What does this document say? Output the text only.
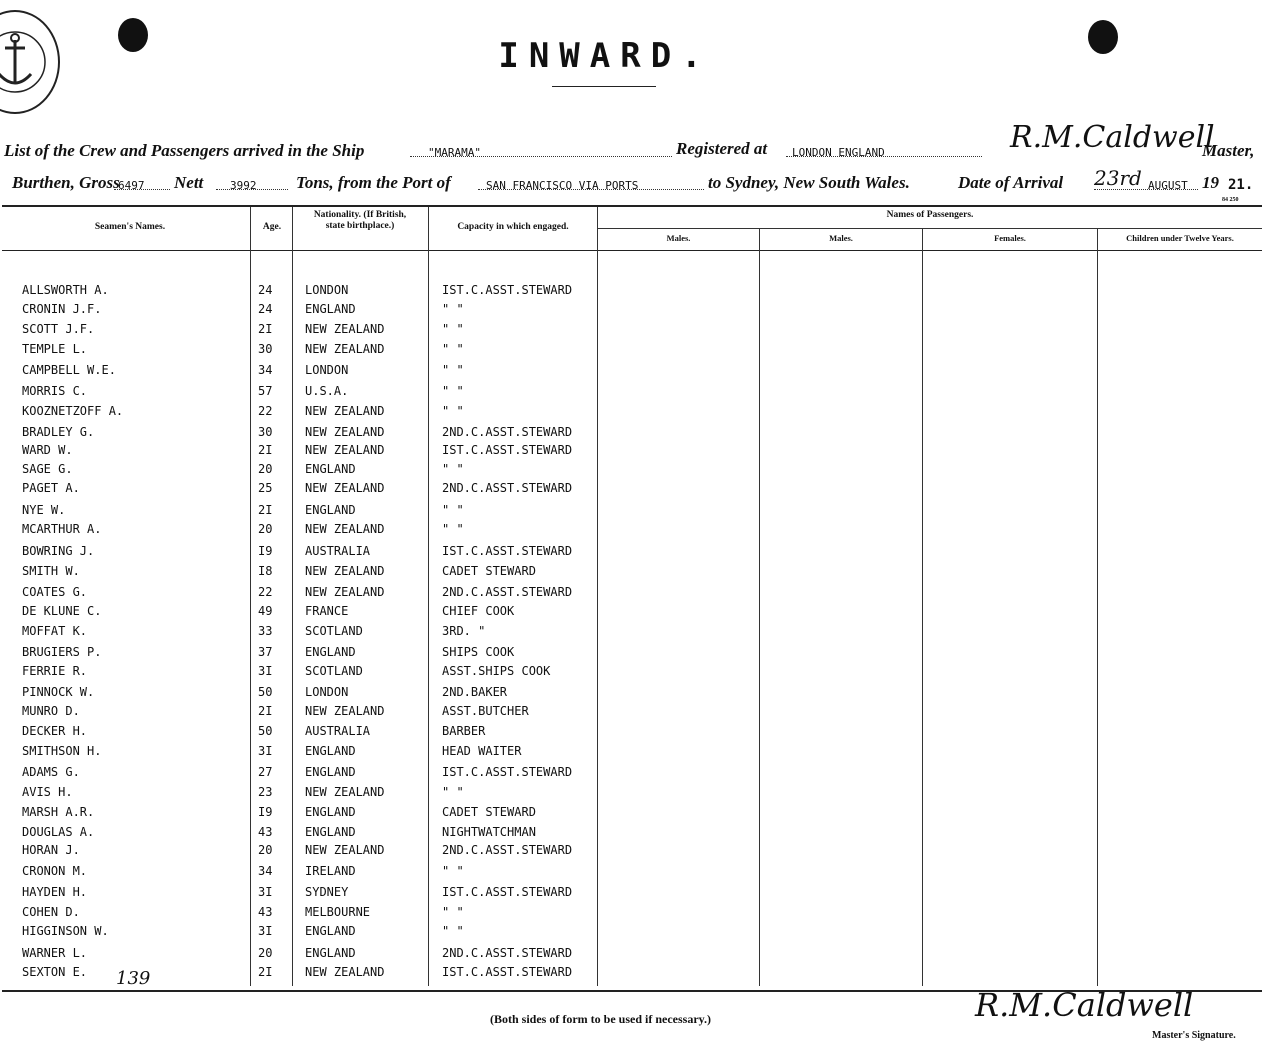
INWARD.
List of the Crew and Passengers arrived in the Ship	"MARAMA"	Registered at LONDON ENGLAND	R.M.Caldwell
Master,
Burthen, Gross
6497 Nett 3992 Tons, from the Port of	SAN FRANCISCO VIA PORTS	to Sydney, New South Wales.	Date of Arrival 23rd AUGUST 19 21.
84 250
Seamen's Names.	Age.
Nationality. (If British, state birthplace.)	Capacity in which engaged.
Names of Passengers.
Males.	Males.	Females.	Children under Twelve Years.
ALLSWORTH A.	24	LONDON	IST.C.ASST.STEWARD
CRONIN J.F.	24	ENGLAND	" "
SCOTT J.F.	2I	NEW ZEALAND	" "
TEMPLE L.	30	NEW ZEALAND	" "
CAMPBELL W.E.	34	LONDON	" "
MORRIS C.	57	U.S.A.	" "
KOOZNETZOFF A.	22	NEW ZEALAND	" "
BRADLEY G.	30	NEW ZEALAND	2ND.C.ASST.STEWARD
WARD W.	2I	NEW ZEALAND	IST.C.ASST.STEWARD
SAGE G.	20	ENGLAND	" "
PAGET A.	25	NEW ZEALAND	2ND.C.ASST.STEWARD
NYE W.	2I	ENGLAND	" "
MCARTHUR A.	20	NEW ZEALAND	" "
BOWRING J.	I9	AUSTRALIA	IST.C.ASST.STEWARD
SMITH W.	I8	NEW ZEALAND	CADET STEWARD
COATES G.	22	NEW ZEALAND	2ND.C.ASST.STEWARD
DE KLUNE C.	49	FRANCE	CHIEF COOK
MOFFAT K.	33	SCOTLAND	3RD. "
BRUGIERS P.	37	ENGLAND	SHIPS COOK
FERRIE R.	3I	SCOTLAND	ASST.SHIPS COOK
PINNOCK W.	50	LONDON	2ND.BAKER
MUNRO D.	2I	NEW ZEALAND	ASST.BUTCHER
DECKER H.	50	AUSTRALIA	BARBER
SMITHSON H.	3I	ENGLAND	HEAD WAITER
ADAMS G.	27	ENGLAND	IST.C.ASST.STEWARD
AVIS H.	23	NEW ZEALAND	" "
MARSH A.R.	I9	ENGLAND	CADET STEWARD
DOUGLAS A.	43	ENGLAND	NIGHTWATCHMAN
HORAN J.	20	NEW ZEALAND	2ND.C.ASST.STEWARD
CRONON M.	34	IRELAND	" "
HAYDEN H.	3I	SYDNEY	IST.C.ASST.STEWARD
COHEN D.	43	MELBOURNE	" "
HIGGINSON W.	3I	ENGLAND	" "
WARNER L.	20	ENGLAND	2ND.C.ASST.STEWARD
SEXTON E.	2I	NEW ZEALAND	IST.C.ASST.STEWARD
139
(Both sides of form to be used if necessary.)	R.M.Caldwell
Master's Signature.
